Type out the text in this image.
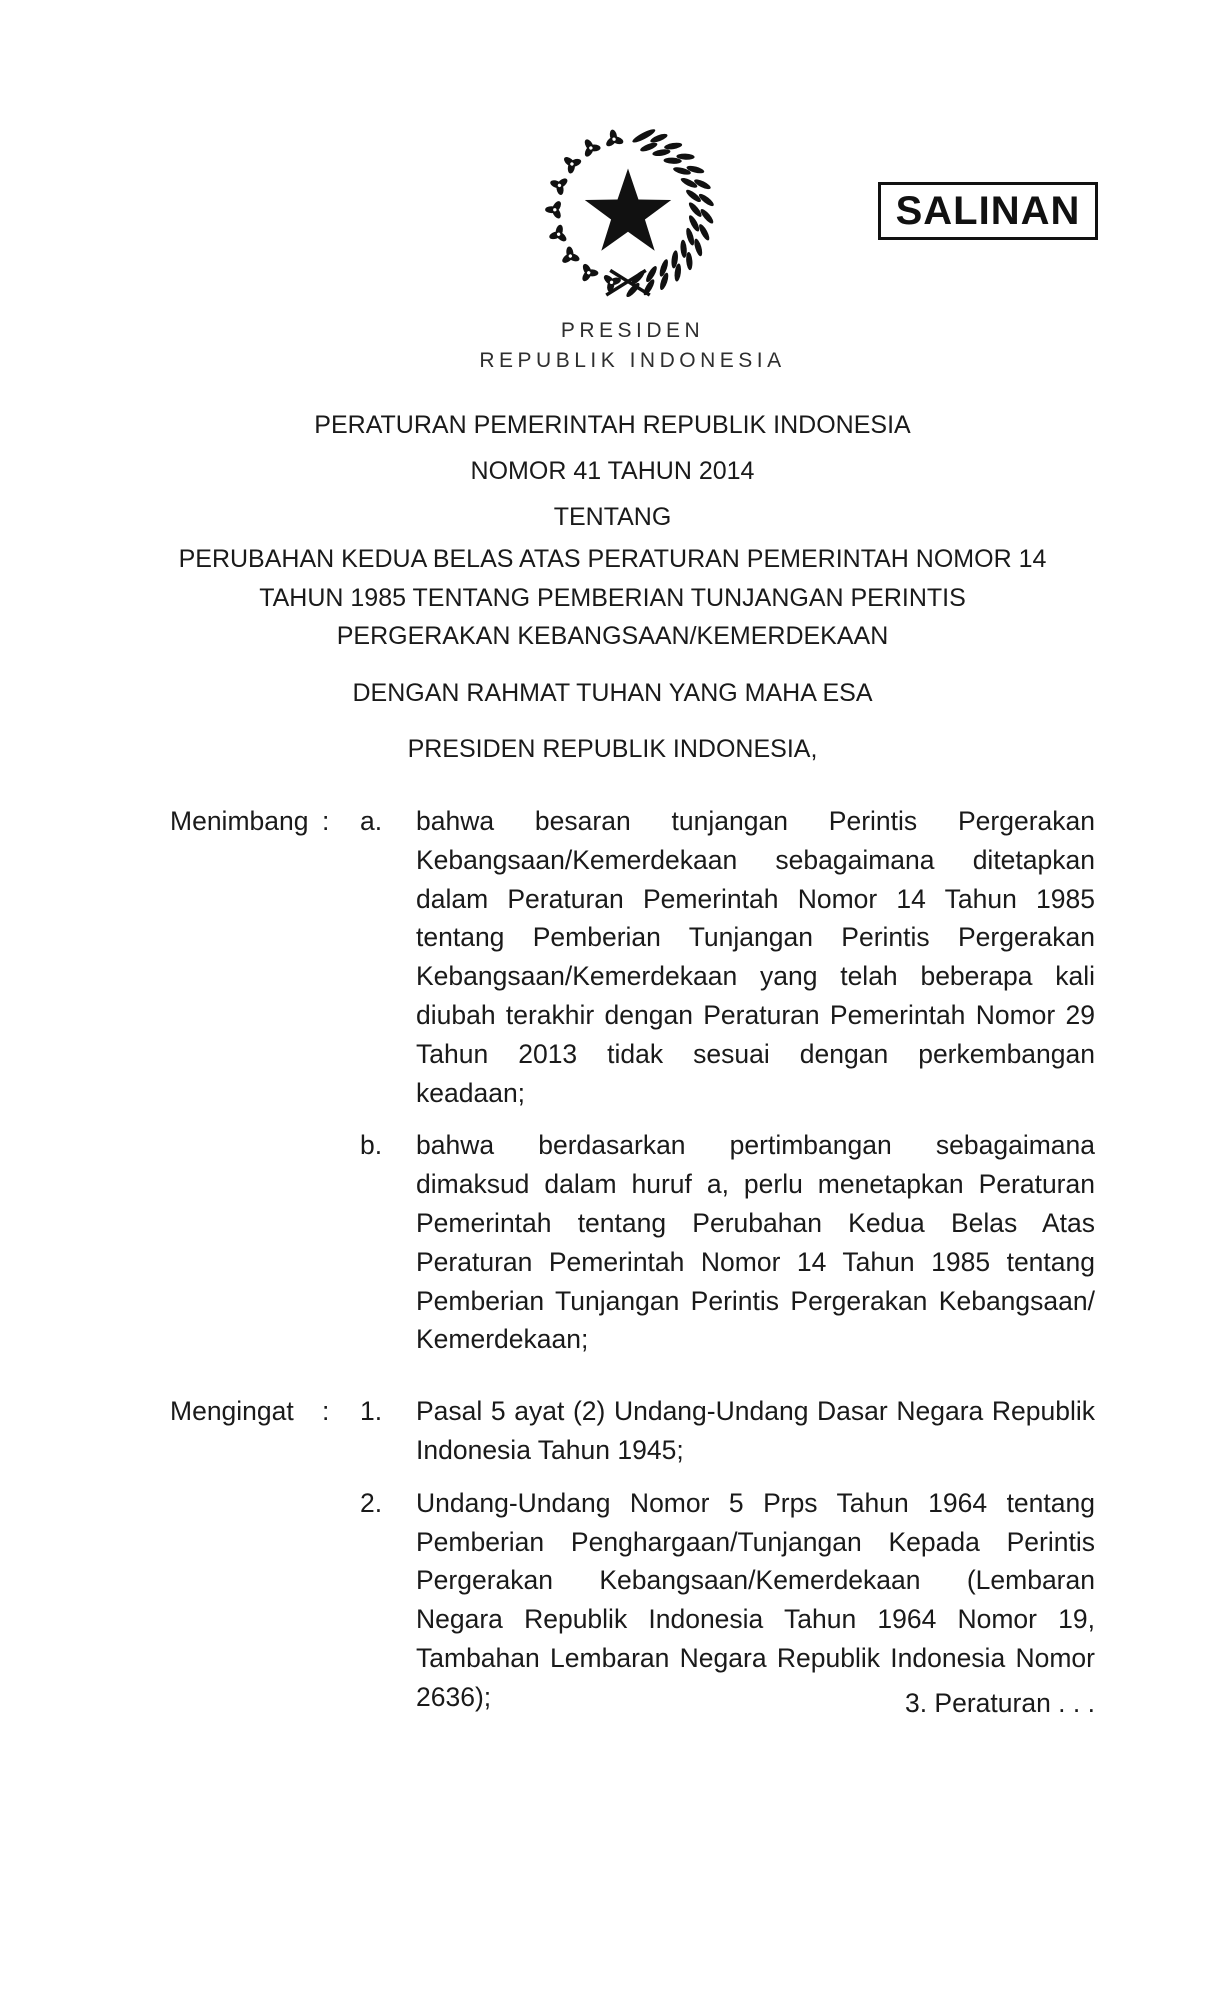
SALINAN
PRESIDEN
REPUBLIK INDONESIA
PERATURAN PEMERINTAH REPUBLIK INDONESIA
NOMOR 41 TAHUN 2014
TENTANG
PERUBAHAN KEDUA BELAS ATAS PERATURAN PEMERINTAH NOMOR 14
TAHUN 1985 TENTANG PEMBERIAN TUNJANGAN PERINTIS
PERGERAKAN KEBANGSAAN/KEMERDEKAAN
DENGAN RAHMAT TUHAN YANG MAHA ESA
PRESIDEN REPUBLIK INDONESIA,
Menimbang :	a.	bahwa besaran tunjangan Perintis Pergerakan Kebangsaan/Kemerdekaan sebagaimana ditetapkan dalam Peraturan Pemerintah Nomor 14 Tahun 1985 tentang Pemberian Tunjangan Perintis Pergerakan Kebangsaan/Kemerdekaan yang telah beberapa kali diubah terakhir dengan Peraturan Pemerintah Nomor 29 Tahun 2013 tidak sesuai dengan perkembangan keadaan;
b.	bahwa berdasarkan pertimbangan sebagaimana dimaksud dalam huruf a, perlu menetapkan Peraturan Pemerintah tentang Perubahan Kedua Belas Atas Peraturan Pemerintah Nomor 14 Tahun 1985 tentang Pemberian Tunjangan Perintis Pergerakan Kebangsaan/ Kemerdekaan;
Mengingat	:	1.	Pasal 5 ayat (2) Undang-Undang Dasar Negara Republik Indonesia Tahun 1945;
2.	Undang-Undang Nomor 5 Prps Tahun 1964 tentang Pemberian Penghargaan/Tunjangan Kepada Perintis Pergerakan Kebangsaan/Kemerdekaan (Lembaran Negara Republik Indonesia Tahun 1964 Nomor 19, Tambahan Lembaran Negara Republik Indonesia Nomor 2636);	3. Peraturan . . .
